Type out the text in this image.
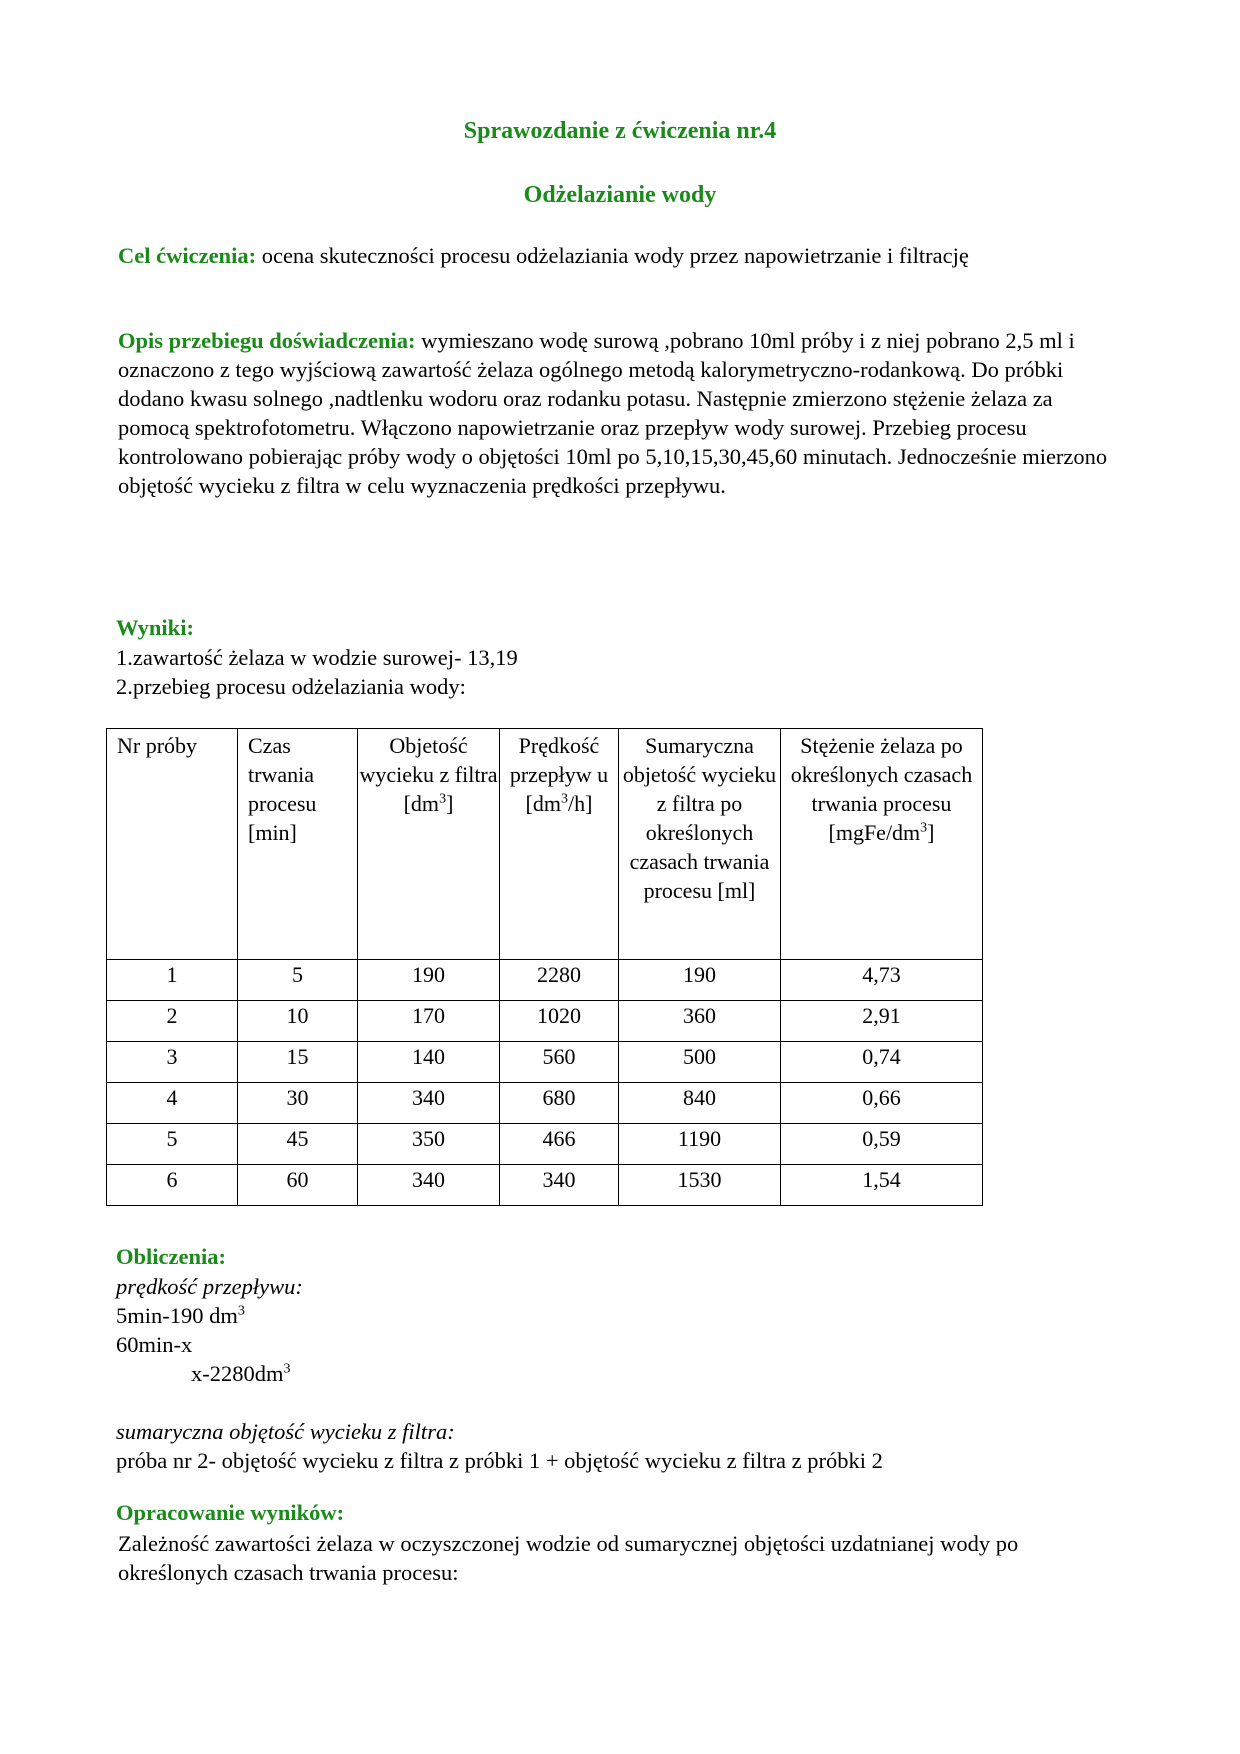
Sprawozdanie z ćwiczenia nr.4
Odżelazianie wody
Cel ćwiczenia: ocena skuteczności procesu odżelaziania wody przez napowietrzanie i filtrację
Opis przebiegu doświadczenia: wymieszano wodę surową ,pobrano 10ml próby i z niej pobrano 2,5 ml i oznaczono z tego wyjściową zawartość żelaza ogólnego metodą kalorymetryczno-rodankową. Do próbki dodano kwasu solnego ,nadtlenku wodoru oraz rodanku potasu. Następnie zmierzono stężenie żelaza za pomocą spektrofotometru. Włączono napowietrzanie oraz przepływ wody surowej. Przebieg procesu kontrolowano pobierając próby wody o objętości 10ml po 5,10,15,30,45,60 minutach. Jednocześnie mierzono objętość wycieku z filtra w celu wyznaczenia prędkości przepływu.
Wyniki:
1.zawartość żelaza w wodzie surowej- 13,19
2.przebieg procesu odżelaziania wody:
Nr próby	Czas trwania procesu [min]	Objetość wycieku z filtra $[dm^3]$	Prędkość przepływ u $[dm^3/h]$	Sumaryczna objetość wycieku z filtra po określonych czasach trwania procesu [ml]	Stężenie żelaza po określonych czasach trwania procesu $[mgFe/dm^3]$
1	5	190	2280	190	4,73
2	10	170	1020	360	2,91
3	15	140	560	500	0,74
4	30	340	680	840	0,66
5	45	350	466	1190	0,59
6	60	340	340	1530	1,54
Obliczenia:
prędkość przepływu:
5min-190 $dm^3$
60min-x
$x-2280dm^3$
sumaryczna objętość wycieku z filtra:
próba nr 2- objętość wycieku z filtra z próbki 1 + objętość wycieku z filtra z próbki 2
Opracowanie wyników:
Zależność zawartości żelaza w oczyszczonej wodzie od sumarycznej objętości uzdatnianej wody po określonych czasach trwania procesu:
